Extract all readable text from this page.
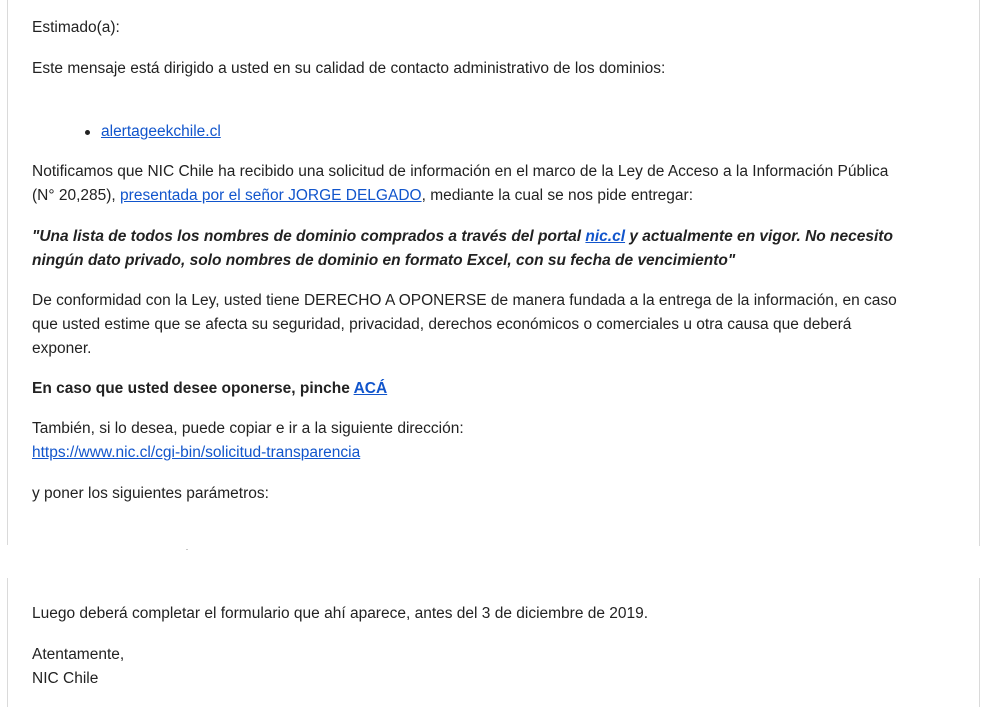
Estimado(a):

Este mensaje está dirigido a usted en su calidad de contacto administrativo de los dominios:

alertageekchile.cl

Notificamos que NIC Chile ha recibido una solicitud de información en el marco de la Ley de Acceso a la Información Pública
(N° 20,285), presentada por el señor JORGE DELGADO, mediante la cual se nos pide entregar:

"Una lista de todos los nombres de dominio comprados a través del portal nic.cl y actualmente en vigor. No necesito
ningún dato privado, solo nombres de dominio en formato Excel, con su fecha de vencimiento"

De conformidad con la Ley, usted tiene DERECHO A OPONERSE de manera fundada a la entrega de la información, en caso
que usted estime que se afecta su seguridad, privacidad, derechos económicos o comerciales u otra causa que deberá
exponer.

En caso que usted desee oponerse, pinche ACÁ

También, si lo desea, puede copiar e ir a la siguiente dirección:
https://www.nic.cl/cgi-bin/solicitud-transparencia

y poner los siguientes parámetros:

Luego deberá completar el formulario que ahí aparece, antes del 3 de diciembre de 2019.

Atentamente,
NIC Chile
